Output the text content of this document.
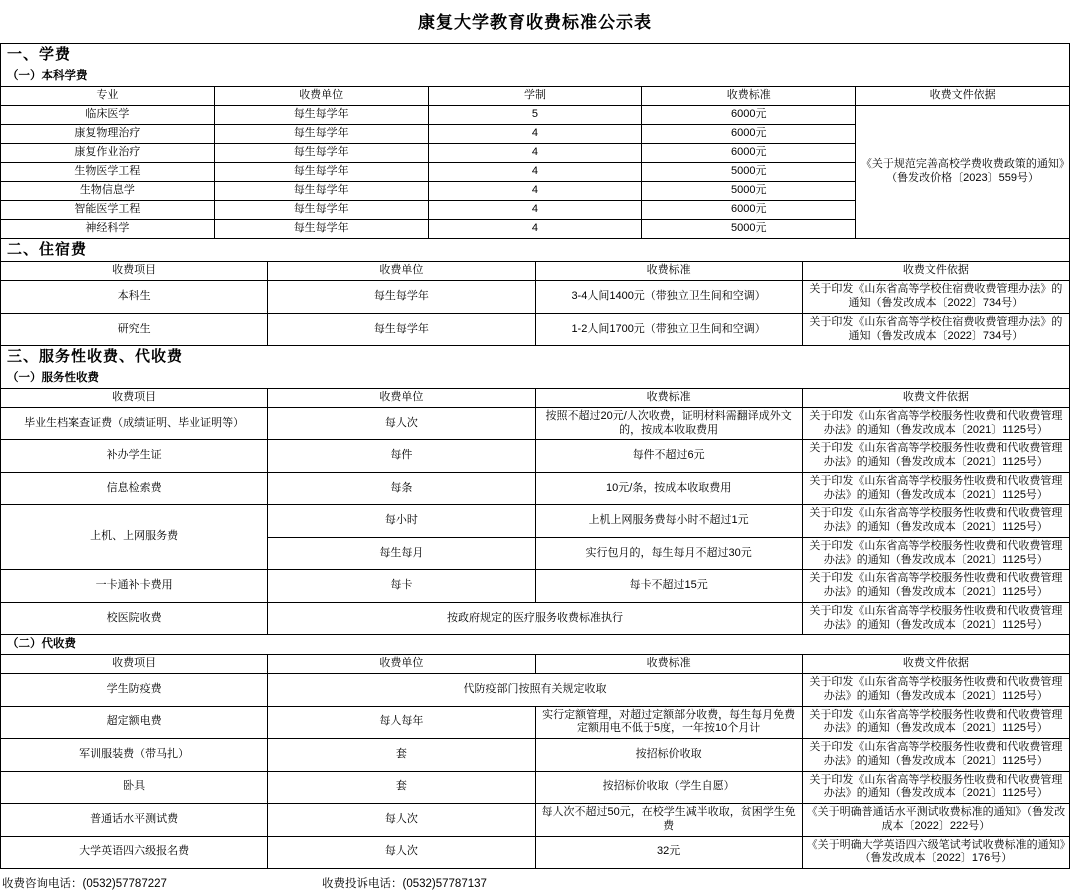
康复大学教育收费标准公示表
一、学费				
（一）本科学费				
专业	收费单位	学制	收费标准	收费文件依据
临床医学	每生每学年	5	6000元	《关于规范完善高校学费收费政策的通知》（鲁发改价格〔2023〕559号）
康复物理治疗	每生每学年	4	6000元	
康复作业治疗	每生每学年	4	6000元	
生物医学工程	每生每学年	4	5000元	
生物信息学	每生每学年	4	5000元	
智能医学工程	每生每学年	4	6000元	
神经科学	每生每学年	4	5000元	
二、住宿费			
收费项目	收费单位	收费标准	收费文件依据
本科生	每生每学年	3-4人间1400元（带独立卫生间和空调）	关于印发《山东省高等学校住宿费收费管理办法》的通知（鲁发改成本〔2022〕734号）
研究生	每生每学年	1-2人间1700元（带独立卫生间和空调）	关于印发《山东省高等学校住宿费收费管理办法》的通知（鲁发改成本〔2022〕734号）
三、服务性收费、代收费			
（一）服务性收费			
收费项目	收费单位	收费标准	收费文件依据
毕业生档案查证费（成绩证明、毕业证明等）	每人次	按照不超过20元/人次收费，证明材料需翻译成外文的，按成本收取费用	关于印发《山东省高等学校服务性收费和代收费管理办法》的通知（鲁发改成本〔2021〕1125号）
补办学生证	每件	每件不超过6元	关于印发《山东省高等学校服务性收费和代收费管理办法》的通知（鲁发改成本〔2021〕1125号）
信息检索费	每条	10元/条，按成本收取费用	关于印发《山东省高等学校服务性收费和代收费管理办法》的通知（鲁发改成本〔2021〕1125号）
上机、上网服务费	每小时	上机上网服务费每小时不超过1元	关于印发《山东省高等学校服务性收费和代收费管理办法》的通知（鲁发改成本〔2021〕1125号）
	每生每月	实行包月的，每生每月不超过30元	关于印发《山东省高等学校服务性收费和代收费管理办法》的通知（鲁发改成本〔2021〕1125号）
一卡通补卡费用	每卡	每卡不超过15元	关于印发《山东省高等学校服务性收费和代收费管理办法》的通知（鲁发改成本〔2021〕1125号）
校医院收费	按政府规定的医疗服务收费标准执行		关于印发《山东省高等学校服务性收费和代收费管理办法》的通知（鲁发改成本〔2021〕1125号）
（二）代收费			
收费项目	收费单位	收费标准	收费文件依据
学生防疫费	代防疫部门按照有关规定收取		关于印发《山东省高等学校服务性收费和代收费管理办法》的通知（鲁发改成本〔2021〕1125号）
超定额电费	每人每年	实行定额管理，对超过定额部分收费，每生每月免费定额用电不低于5度，一年按10个月计	关于印发《山东省高等学校服务性收费和代收费管理办法》的通知（鲁发改成本〔2021〕1125号）
军训服装费（带马扎）	套	按招标价收取	关于印发《山东省高等学校服务性收费和代收费管理办法》的通知（鲁发改成本〔2021〕1125号）
卧具	套	按招标价收取（学生自愿）	关于印发《山东省高等学校服务性收费和代收费管理办法》的通知（鲁发改成本〔2021〕1125号）
普通话水平测试费	每人次	每人次不超过50元，在校学生减半收取，贫困学生免费	《关于明确普通话水平测试收费标准的通知》（鲁发改成本〔2022〕222号）
大学英语四六级报名费	每人次	32元	《关于明确大学英语四六级笔试考试收费标准的通知》（鲁发改成本〔2022〕176号）
收费咨询电话：(0532)57787227	收费投诉电话：(0532)57787137
